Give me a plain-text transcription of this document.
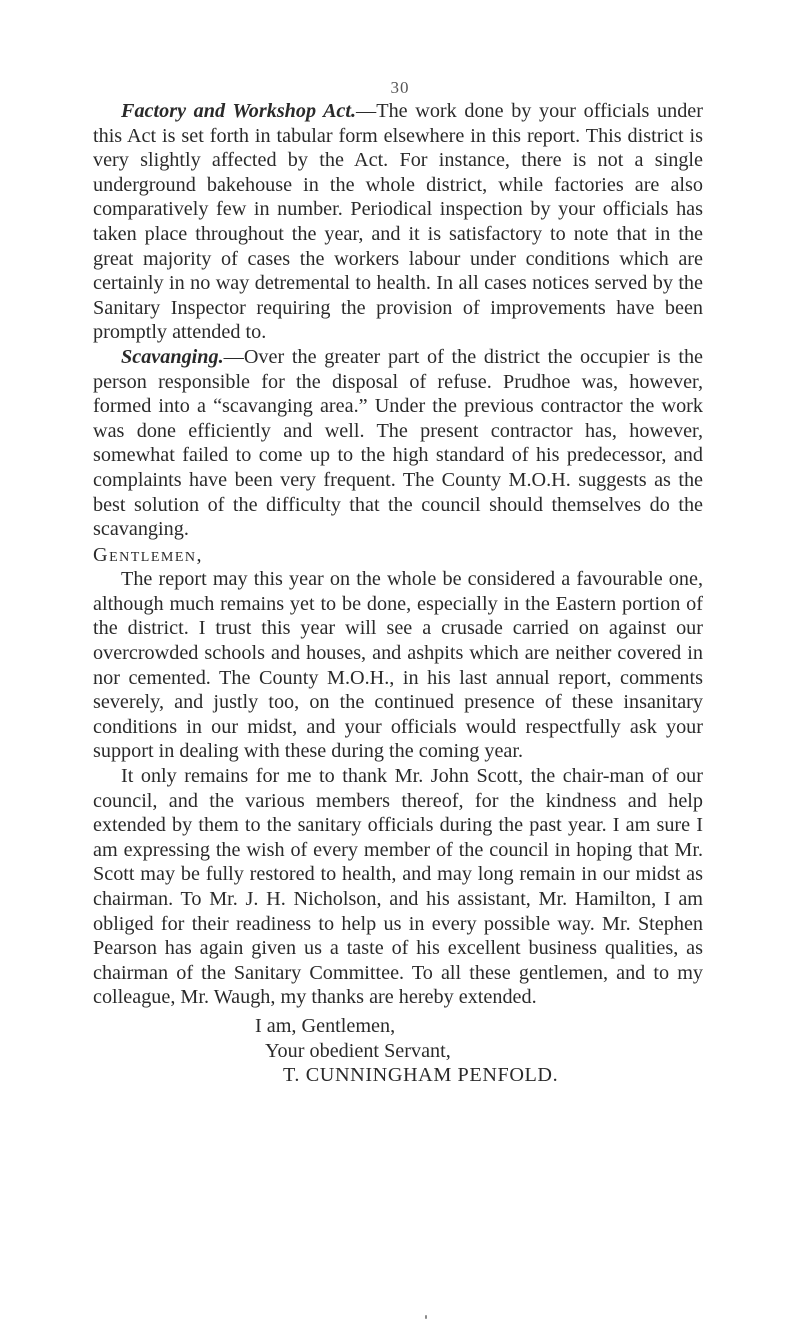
30

Factory and Workshop Act.—The work done by your officials under this Act is set forth in tabular form elsewhere in this report. This district is very slightly affected by the Act. For instance, there is not a single underground bakehouse in the whole district, while factories are also comparatively few in number. Periodical inspection by your officials has taken place throughout the year, and it is satisfactory to note that in the great majority of cases the workers labour under conditions which are certainly in no way detremental to health. In all cases notices served by the Sanitary Inspector requiring the provision of improvements have been promptly attended to.

Scavanging.—Over the greater part of the district the occupier is the person responsible for the disposal of refuse. Prudhoe was, however, formed into a “scavanging area.” Under the previous contractor the work was done efficiently and well. The present contractor has, however, somewhat failed to come up to the high standard of his predecessor, and complaints have been very frequent. The County M.O.H. suggests as the best solution of the difficulty that the council should themselves do the scavanging.

Gentlemen,

The report may this year on the whole be considered a favourable one, although much remains yet to be done, especially in the Eastern portion of the district. I trust this year will see a crusade carried on against our overcrowded schools and houses, and ashpits which are neither covered in nor cemented. The County M.O.H., in his last annual report, comments severely, and justly too, on the continued presence of these insanitary conditions in our midst, and your officials would respectfully ask your support in dealing with these during the coming year.

It only remains for me to thank Mr. John Scott, the chair-man of our council, and the various members thereof, for the kindness and help extended by them to the sanitary officials during the past year. I am sure I am expressing the wish of every member of the council in hoping that Mr. Scott may be fully restored to health, and may long remain in our midst as chairman. To Mr. J. H. Nicholson, and his assistant, Mr. Hamilton, I am obliged for their readiness to help us in every possible way. Mr. Stephen Pearson has again given us a taste of his excellent business qualities, as chairman of the Sanitary Committee. To all these gentlemen, and to my colleague, Mr. Waugh, my thanks are hereby extended.

I am, Gentlemen,
Your obedient Servant,
T. CUNNINGHAM PENFOLD.
